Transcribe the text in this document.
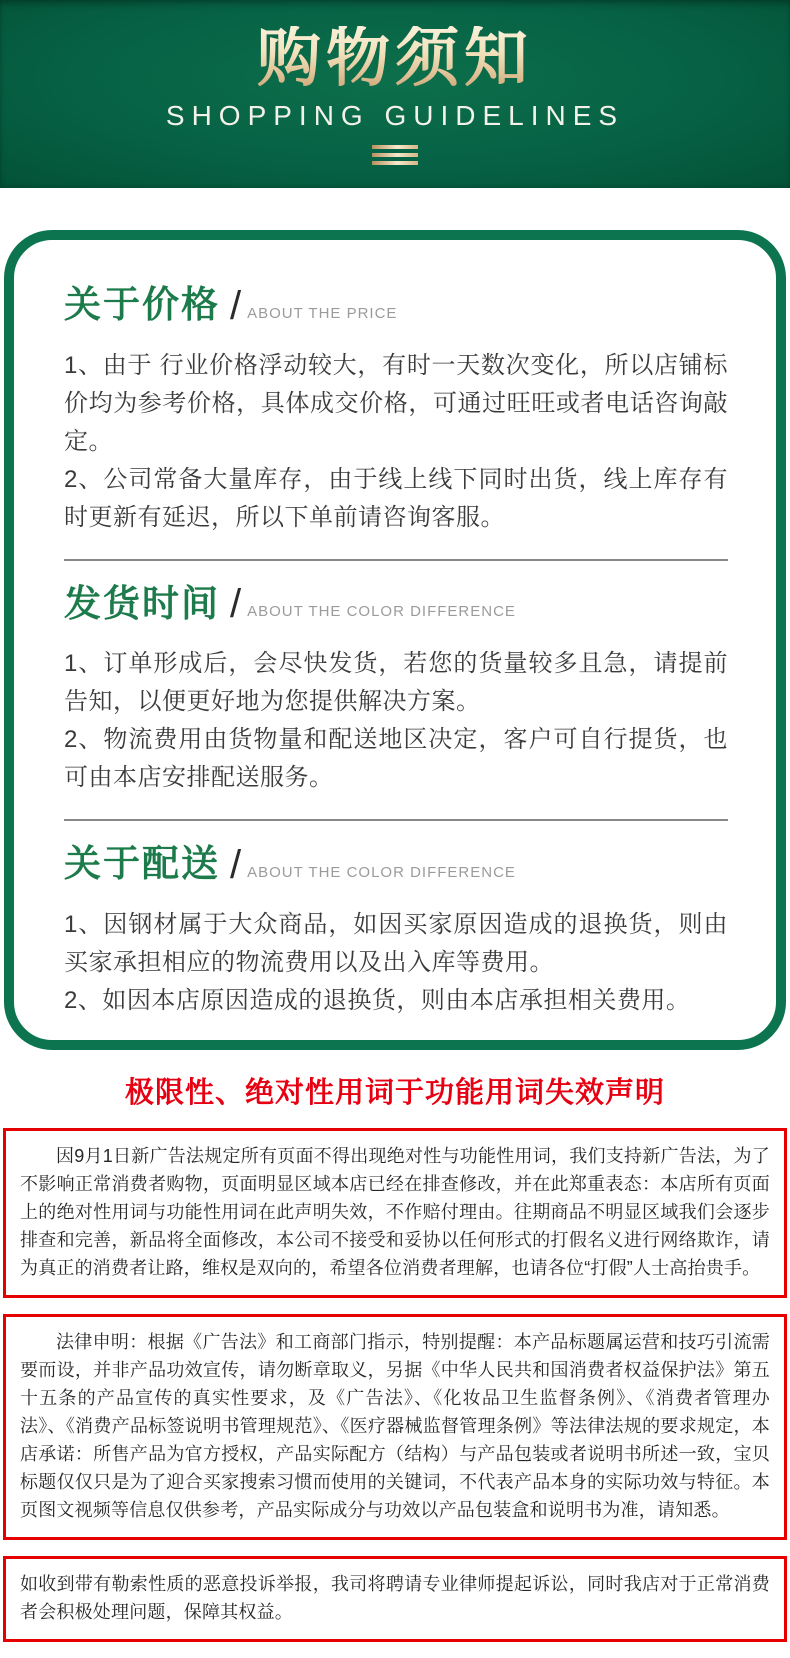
购物须知
SHOPPING GUIDELINES
关于价格 / ABOUT THE PRICE

1、由于 行业价格浮动较大，有时一天数次变化，所以店铺标价均为参考价格，具体成交价格，可通过旺旺或者电话咨询敲定。

2、公司常备大量库存，由于线上线下同时出货，线上库存有时更新有延迟，所以下单前请咨询客服。

发货时间 / ABOUT THE COLOR DIFFERENCE

1、订单形成后，会尽快发货，若您的货量较多且急，请提前告知，以便更好地为您提供解决方案。

2、物流费用由货物量和配送地区决定，客户可自行提货，也可由本店安排配送服务。

关于配送 / ABOUT THE COLOR DIFFERENCE

1、因钢材属于大众商品，如因买家原因造成的退换货，则由买家承担相应的物流费用以及出入库等费用。

2、如因本店原因造成的退换货，则由本店承担相关费用。

极限性、绝对性用词于功能用词失效声明

因9月1日新广告法规定所有页面不得出现绝对性与功能性用词，我们支持新广告法，为了不影响正常消费者购物，页面明显区域本店已经在排查修改，并在此郑重表态：本店所有页面上的绝对性用词与功能性用词在此声明失效，不作赔付理由。往期商品不明显区域我们会逐步排查和完善，新品将全面修改，本公司不接受和妥协以任何形式的打假名义进行网络欺诈，请为真正的消费者让路，维权是双向的，希望各位消费者理解，也请各位“打假”人士高抬贵手。

法律申明：根据《广告法》和工商部门指示，特别提醒：本产品标题属运营和技巧引流需要而设，并非产品功效宣传，请勿断章取义，另据《中华人民共和国消费者权益保护法》第五十五条的产品宣传的真实性要求，及《广告法》、《化妆品卫生监督条例》、《消费者管理办法》、《消费产品标签说明书管理规范》、《医疗器械监督管理条例》等法律法规的要求规定，本店承诺：所售产品为官方授权，产品实际配方（结构）与产品包装或者说明书所述一致，宝贝标题仅仅只是为了迎合买家搜索习惯而使用的关键词，不代表产品本身的实际功效与特征。本页图文视频等信息仅供参考，产品实际成分与功效以产品包装盒和说明书为准，请知悉。

如收到带有勒索性质的恶意投诉举报，我司将聘请专业律师提起诉讼，同时我店对于正常消费者会积极处理问题，保障其权益。
